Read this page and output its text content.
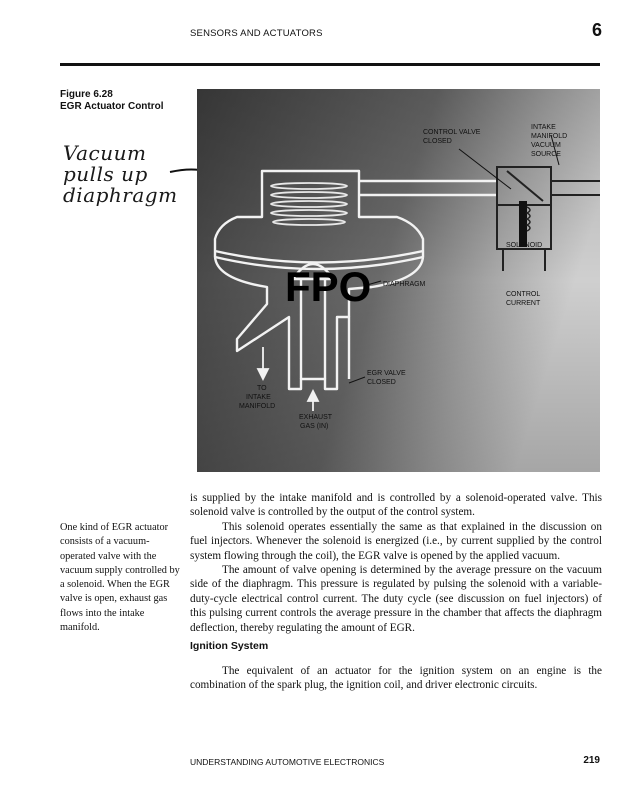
SENSORS AND ACTUATORS	6
Figure 6.28
EGR Actuator Control
Vacuum
pulls up
diaphragm
CONTROL VALVE
CLOSED
INTAKE
MANIFOLD
VACUUM
SOURCE
SOLENOID
DIAPHRAGM
CONTROL
CURRENT
EGR VALVE
CLOSED
TO
INTAKE
MANIFOLD
EXHAUST
GAS (IN)
FPO

is supplied by the intake manifold and is controlled by a solenoid-operated valve. This solenoid valve is controlled by the output of the control system.

This solenoid operates essentially the same as that explained in the discussion on fuel injectors. Whenever the solenoid is energized (i.e., by current supplied by the control system flowing through the coil), the EGR valve is opened by the applied vacuum.

The amount of valve opening is determined by the average pressure on the vacuum side of the diaphragm. This pressure is regulated by pulsing the solenoid with a variable-duty-cycle electrical control current. The duty cycle (see discussion on fuel injectors) of this pulsing current controls the average pressure in the chamber that affects the diaphragm deflection, thereby regulating the amount of EGR.

Ignition System

The equivalent of an actuator for the ignition system on an engine is the combination of the spark plug, the ignition coil, and driver electronic circuits.

One kind of EGR actuator consists of a vacuum-operated valve with the vacuum supply controlled by a solenoid. When the EGR valve is open, exhaust gas flows into the intake manifold.
UNDERSTANDING AUTOMOTIVE ELECTRONICS	219
